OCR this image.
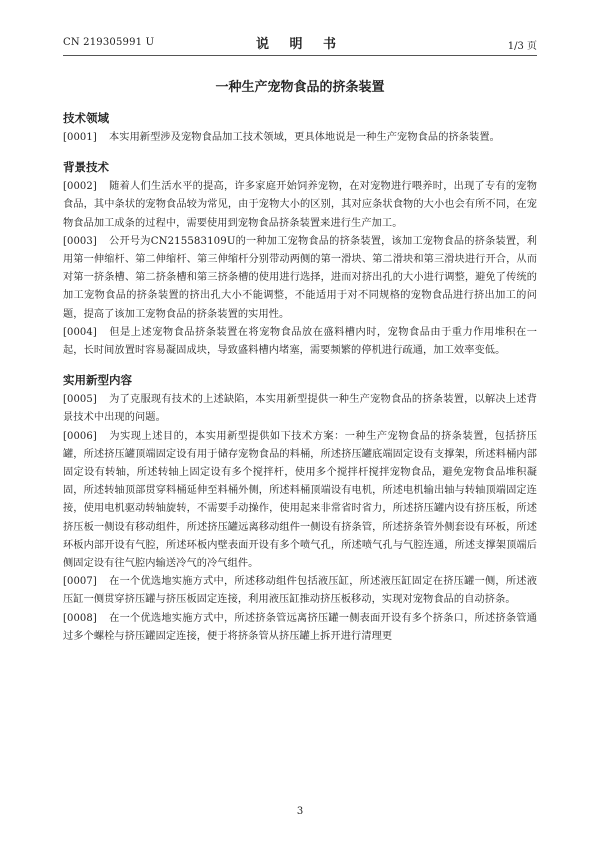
CN 219305991 U	说 明 书	1/3 页
一种生产宠物食品的挤条装置
技术领域

[0001] 本实用新型涉及宠物食品加工技术领域，更具体地说是一种生产宠物食品的挤条装置。

背景技术

[0002] 随着人们生活水平的提高，许多家庭开始饲养宠物，在对宠物进行喂养时，出现了专有的宠物食品，其中条状的宠物食品较为常见，由于宠物大小的区别，其对应条状食物的大小也会有所不同，在宠物食品加工成条的过程中，需要使用到宠物食品挤条装置来进行生产加工。

[0003] 公开号为CN215583109U的一种加工宠物食品的挤条装置，该加工宠物食品的挤条装置，利用第一伸缩杆、第二伸缩杆、第三伸缩杆分别带动两侧的第一滑块、第二滑块和第三滑块进行开合，从而对第一挤条槽、第二挤条槽和第三挤条槽的使用进行选择，进而对挤出孔的大小进行调整，避免了传统的加工宠物食品的挤条装置的挤出孔大小不能调整，不能适用于对不同规格的宠物食品进行挤出加工的问题，提高了该加工宠物食品的挤条装置的实用性。

[0004] 但是上述宠物食品挤条装置在将宠物食品放在盛料槽内时，宠物食品由于重力作用堆积在一起，长时间放置时容易凝固成块，导致盛料槽内堵塞，需要频繁的停机进行疏通，加工效率变低。

实用新型内容

[0005] 为了克服现有技术的上述缺陷，本实用新型提供一种生产宠物食品的挤条装置，以解决上述背景技术中出现的问题。

[0006] 为实现上述目的，本实用新型提供如下技术方案：一种生产宠物食品的挤条装置，包括挤压罐，所述挤压罐顶端固定设有用于储存宠物食品的料桶，所述挤压罐底端固定设有支撑架，所述料桶内部固定设有转轴，所述转轴上固定设有多个搅拌杆，使用多个搅拌杆搅拌宠物食品，避免宠物食品堆积凝固，所述转轴顶部贯穿料桶延伸至料桶外侧，所述料桶顶端设有电机，所述电机输出轴与转轴顶端固定连接，使用电机驱动转轴旋转，不需要手动操作，使用起来非常省时省力，所述挤压罐内设有挤压板，所述挤压板一侧设有移动组件，所述挤压罐远离移动组件一侧设有挤条管，所述挤条管外侧套设有环板，所述环板内部开设有气腔，所述环板内壁表面开设有多个喷气孔，所述喷气孔与气腔连通，所述支撑架顶端后侧固定设有往气腔内输送冷气的冷气组件。

[0007] 在一个优选地实施方式中，所述移动组件包括液压缸，所述液压缸固定在挤压罐一侧，所述液压缸一侧贯穿挤压罐与挤压板固定连接，利用液压缸推动挤压板移动，实现对宠物食品的自动挤条。

[0008] 在一个优选地实施方式中，所述挤条管远离挤压罐一侧表面开设有多个挤条口，所述挤条管通过多个螺栓与挤压罐固定连接，便于将挤条管从挤压罐上拆开进行清理更

3
